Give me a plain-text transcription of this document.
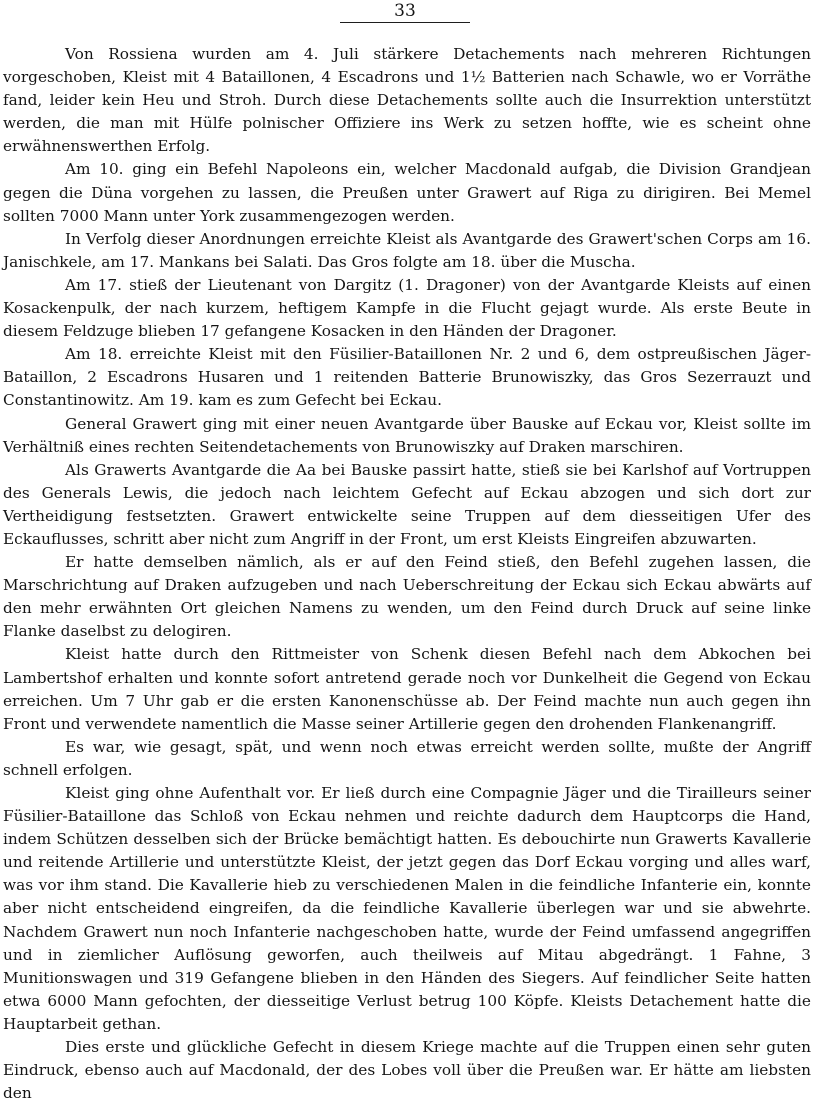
33

Von Rossiena wurden am 4. Juli stärkere Detachements nach mehreren Richtungen vorgeschoben, Kleist mit 4 Bataillonen, 4 Escadrons und 1½ Batterien nach Schawle, wo er Vorräthe fand, leider kein Heu und Stroh. Durch diese Detachements sollte auch die Insurrektion unterstützt werden, die man mit Hülfe polnischer Offiziere ins Werk zu setzen hoffte, wie es scheint ohne erwähnenswerthen Erfolg.

Am 10. ging ein Befehl Napoleons ein, welcher Macdonald aufgab, die Division Grandjean gegen die Düna vorgehen zu lassen, die Preußen unter Grawert auf Riga zu dirigiren. Bei Memel sollten 7000 Mann unter York zusammengezogen werden.

In Verfolg dieser Anordnungen erreichte Kleist als Avantgarde des Grawert'schen Corps am 16. Janischkele, am 17. Mankans bei Salati. Das Gros folgte am 18. über die Muscha.

Am 17. stieß der Lieutenant von Dargitz (1. Dragoner) von der Avantgarde Kleists auf einen Kosackenpulk, der nach kurzem, heftigem Kampfe in die Flucht gejagt wurde. Als erste Beute in diesem Feldzuge blieben 17 gefangene Kosacken in den Händen der Dragoner.

Am 18. erreichte Kleist mit den Füsilier-Bataillonen Nr. 2 und 6, dem ostpreußischen Jäger-Bataillon, 2 Escadrons Husaren und 1 reitenden Batterie Brunowiszky, das Gros Sezerrauzt und Constantinowitz. Am 19. kam es zum Gefecht bei Eckau.

General Grawert ging mit einer neuen Avantgarde über Bauske auf Eckau vor, Kleist sollte im Verhältniß eines rechten Seitendetachements von Brunowiszky auf Draken marschiren.

Als Grawerts Avantgarde die Aa bei Bauske passirt hatte, stieß sie bei Karlshof auf Vortruppen des Generals Lewis, die jedoch nach leichtem Gefecht auf Eckau abzogen und sich dort zur Vertheidigung festsetzten. Grawert entwickelte seine Truppen auf dem diesseitigen Ufer des Eckauflusses, schritt aber nicht zum Angriff in der Front, um erst Kleists Eingreifen abzuwarten.

Er hatte demselben nämlich, als er auf den Feind stieß, den Befehl zugehen lassen, die Marschrichtung auf Draken aufzugeben und nach Ueberschreitung der Eckau sich Eckau abwärts auf den mehr erwähnten Ort gleichen Namens zu wenden, um den Feind durch Druck auf seine linke Flanke daselbst zu delogiren.

Kleist hatte durch den Rittmeister von Schenk diesen Befehl nach dem Abkochen bei Lambertshof erhalten und konnte sofort antretend gerade noch vor Dunkelheit die Gegend von Eckau erreichen. Um 7 Uhr gab er die ersten Kanonenschüsse ab. Der Feind machte nun auch gegen ihn Front und verwendete namentlich die Masse seiner Artillerie gegen den drohenden Flankenangriff.

Es war, wie gesagt, spät, und wenn noch etwas erreicht werden sollte, mußte der Angriff schnell erfolgen.

Kleist ging ohne Aufenthalt vor. Er ließ durch eine Compagnie Jäger und die Tirailleurs seiner Füsilier-Bataillone das Schloß von Eckau nehmen und reichte dadurch dem Hauptcorps die Hand, indem Schützen desselben sich der Brücke bemächtigt hatten. Es debouchirte nun Grawerts Kavallerie und reitende Artillerie und unterstützte Kleist, der jetzt gegen das Dorf Eckau vorging und alles warf, was vor ihm stand. Die Kavallerie hieb zu verschiedenen Malen in die feindliche Infanterie ein, konnte aber nicht entscheidend eingreifen, da die feindliche Kavallerie überlegen war und sie abwehrte. Nachdem Grawert nun noch Infanterie nachgeschoben hatte, wurde der Feind umfassend angegriffen und in ziemlicher Auflösung geworfen, auch theilweis auf Mitau abgedrängt. 1 Fahne, 3 Munitionswagen und 319 Gefangene blieben in den Händen des Siegers. Auf feindlicher Seite hatten etwa 6000 Mann gefochten, der diesseitige Verlust betrug 100 Köpfe. Kleists Detachement hatte die Hauptarbeit gethan.

Dies erste und glückliche Gefecht in diesem Kriege machte auf die Truppen einen sehr guten Eindruck, ebenso auch auf Macdonald, der des Lobes voll über die Preußen war. Er hätte am liebsten den
